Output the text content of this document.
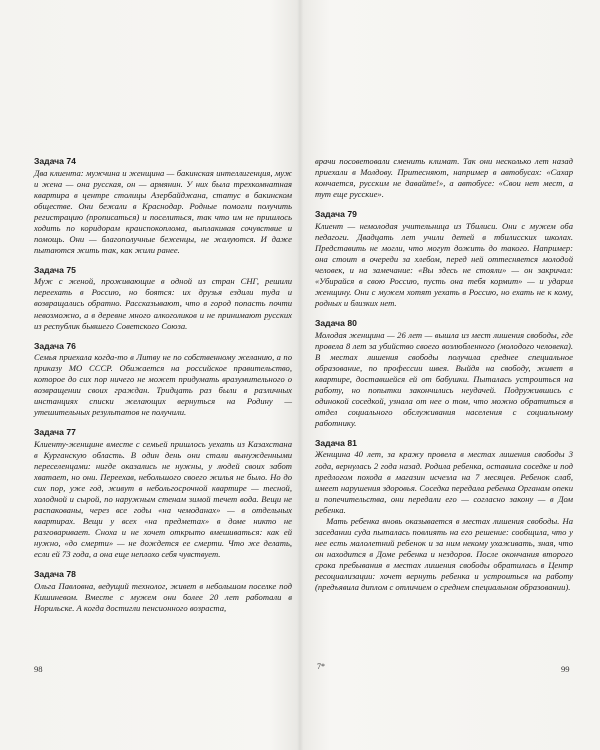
Задача 74

Два клиента: мужчина и женщина — бакинская интеллигенция, муж и жена — она русская, он — армянин. У них была трехкомнатная квартира в центре столицы Азербайджана, статус в бакинском обществе. Они бежали в Краснодар. Родные помогли получить регистрацию (прописаться) и поселиться, так что им не пришлось ходить по коридорам краиспокоплома, выплакивая сочувствие и помощь. Они — благополучные беженцы, не жалуются. И даже пытаются жить так, как жили ранее.

Задача 75

Муж с женой, проживающие в одной из стран СНГ, решили переехать в Россию, но боятся: их друзья ездили туда и возвращались обратно. Рассказывают, что в город попасть почти невозможно, а в деревне много алкоголиков и не принимают русских из республик бывшего Советского Союза.

Задача 76

Семья приехала когда-то в Литву не по собственному желанию, а по приказу МО СССР. Обижается на российское правительство, которое до сих пор ничего не может придумать вразумительного о возвращении своих граждан. Тридцать раз были в различных инстанциях списки желающих вернуться на Родину — утешительных результатов не получили.

Задача 77

Клиенту-женщине вместе с семьей пришлось уехать из Казахстана в Курганскую область. В один день они стали вынужденными переселенцами: нигде оказались не нужны, у людей своих забот хватает, но они. Переехав, небольшого своего жилья не было. Но до сих пор, уже год, живут в небольгосрочной квартире — тесной, холодной и сырой, по наружным стенам зимой течет вода. Вещи не распакованы, через все годы «на чемоданах» — в отдельных квартирах. Вещи у всех «на предметах» в доме никто не разговаривает. Сноха и не хочет открыто вмешиваться: как ей нужно, «до смерти» — не дождется ее смерти. Что же делать, если ей 73 года, а она еще неплохо себя чувствует.

Задача 78

Ольга Павловна, ведущий технолог, живет в небольшом поселке под Кишиневом. Вместе с мужем они более 20 лет работали в Норильске. А когда достигли пенсионного возраста,

врачи посоветовали сменить климат. Так они несколько лет назад приехали в Молдову. Притесняют, например в автобусах: «Сахар кончается, русским не давайте!», а автобусе: «Свои нет мест, а тут еще русские».

Задача 79

Клиент — немолодая учительница из Тбилиси. Они с мужем оба педагоги. Двадцать лет учили детей в тбилисских школах. Представить не могли, что могут дожить до такого. Например: она стоит в очереди за хлебом, перед ней оттесняется молодой человек, и на замечание: «Вы здесь не стояли» — он закричал: «Убирайся в свою Россию, пусть она тебя кормит» — и ударил женщину. Они с мужем хотят уехать в Россию, но ехать не к кому, родных и близких нет.

Задача 80

Молодая женщина — 26 лет — вышла из мест лишения свободы, где провела 8 лет за убийство своего возлюбленного (молодого человека). В местах лишения свободы получила среднее специальное образование, по профессии швея. Выйдя на свободу, живет в квартире, доставшейся ей от бабушки. Пыталась устроиться на работу, но попытки закончились неудачей. Подружившись с одинокой соседкой, узнала от нее о том, что можно обратиться в отдел социального обслуживания населения с социальному работнику.

Задача 81

Женщина 40 лет, за кражу провела в местах лишения свободы 3 года, вернулась 2 года назад. Родила ребенка, оставила соседке и под предлогом похода в магазин исчезла на 7 месяцев. Ребенок слаб, имеет нарушения здоровья. Соседка передала ребенка Органам опеки и попечительства, они передали его — согласно закону — в Дом ребенка.
Мать ребенка вновь оказывается в местах лишения свободы. На заседании суда пыталась повлиять на его решение: сообщила, что у нее есть малолетний ребенок и за ним некому ухаживать, зная, что он находится в Доме ребенка и нездоров. После окончания второго срока пребывания в местах лишения свободы обратилась в Центр ресоциализации: хочет вернуть ребенка и устроиться на работу (предъявила диплом с отличием о среднем специальном образовании).

98	7*	99
